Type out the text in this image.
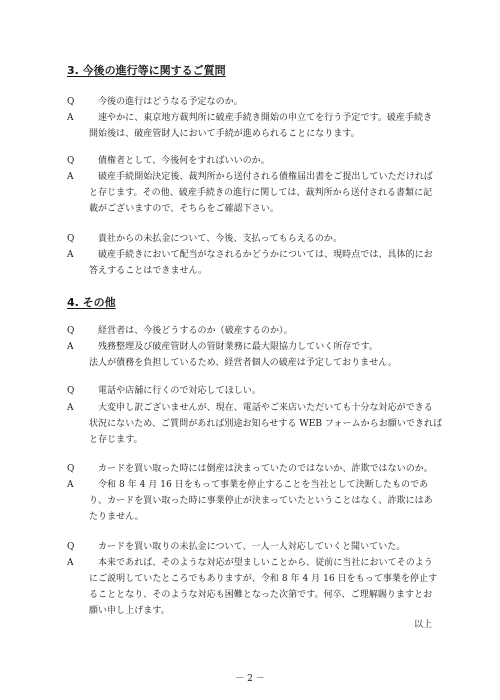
3. 今後の進行等に関するご質問
Q	今後の進行はどうなる予定なのか。
A	速やかに、東京地方裁判所に破産手続き開始の申立てを行う予定です。破産手続き
開始後は、破産管財人において手続が進められることになります。
Q	債権者として、今後何をすればいいのか。
A	破産手続開始決定後、裁判所から送付される債権届出書をご提出していただければ
と存じます。その他、破産手続きの進行に関しては、裁判所から送付される書類に記
載がございますので、そちらをご確認下さい。
Q	貴社からの未払金について、今後、支払ってもらえるのか。
A	破産手続きにおいて配当がなされるかどうかについては、現時点では、具体的にお
答えすることはできません。
4. その他
Q	経営者は、今後どうするのか（破産するのか）。
A	残務整理及び破産管財人の管財業務に最大限協力していく所存です。
法人が債務を負担しているため、経営者個人の破産は予定しておりません。
Q	電話や店舗に行くので対応してほしい。
A	大変申し訳ございませんが、現在、電話やご来店いただいても十分な対応ができる
状況にないため、ご質問があれば別途お知らせする WEB フォームからお願いできれば
と存じます。
Q	カードを買い取った時には倒産は決まっていたのではないか、詐欺ではないのか。
A	令和 8 年 4 月 16 日をもって事業を停止することを当社として決断したものであ
り、カードを買い取った時に事業停止が決まっていたということはなく、詐欺にはあ
たりません。
Q	カードを買い取りの未払金について、一人一人対応していくと聞いていた。
A	本来であれば、そのような対応が望ましいことから、従前に当社においてそのよう
にご説明していたところでもありますが、令和 8 年 4 月 16 日をもって事業を停止す
ることとなり、そのような対応も困難となった次第です。何卒、ご理解賜りますとお
願い申し上げます。
以上
－ 2 －
